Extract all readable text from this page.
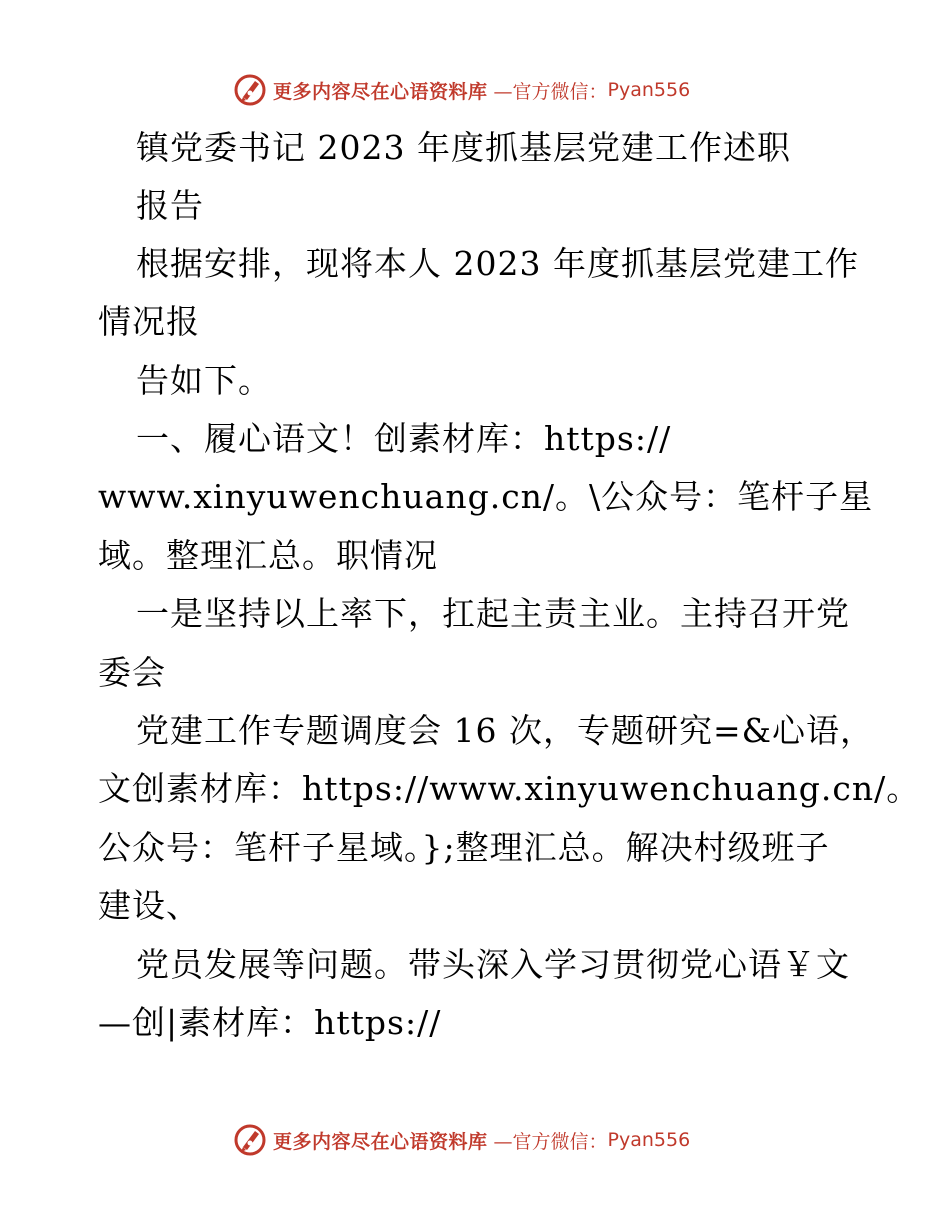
更多内容尽在心语资料库 —官方微信： Pyan556

镇党委书记 2023 年度抓基层党建工作述职

报告

根据安排，现将本人 2023 年度抓基层党建工作

情况报

告如下。

一、履心语文！创素材库：https://

www.xinyuwenchuang.cn/。\公众号：笔杆子星

域。整理汇总。职情况

一是坚持以上率下，扛起主责主业。主持召开党

委会

党建工作专题调度会 16 次，专题研究=&心语，

文创素材库：https://www.xinyuwenchuang.cn/。

公众号：笔杆子星域。};整理汇总。解决村级班子

建设、

党员发展等问题。带头深入学习贯彻党心语￥文

—创|素材库：https://

更多内容尽在心语资料库 —官方微信： Pyan556
